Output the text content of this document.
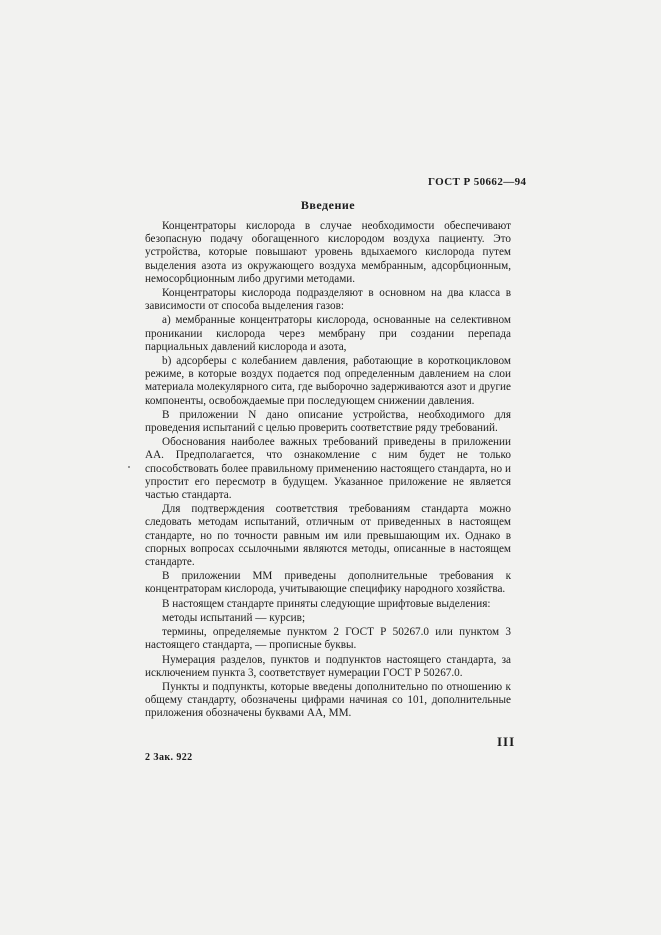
ГОСТ Р 50662—94
Введение

Концентраторы кислорода в случае необходимости обеспечивают безопасную подачу обогащенного кислородом воздуха пациенту. Это устройства, которые повышают уровень вдыхаемого кислорода путем выделения азота из окружающего воздуха мембранным, адсорбционным, немосорбционным либо другими методами.

Концентраторы кислорода подразделяют в основном на два класса в зависимости от способа выделения газов:

a) мембранные концентраторы кислорода, основанные на селективном проникании кислорода через мембрану при создании перепада парциальных давлений кислорода и азота,

b) адсорберы с колебанием давления, работающие в короткоцикловом режиме, в которые воздух подается под определенным давлением на слои материала молекулярного сита, где выборочно задерживаются азот и другие компоненты, освобождаемые при последующем снижении давления.

В приложении N дано описание устройства, необходимого для проведения испытаний с целью проверить соответствие ряду требований.

Обоснования наиболее важных требований приведены в приложении AA. Предполагается, что ознакомление с ним будет не только способствовать более правильному применению настоящего стандарта, но и упростит его пересмотр в будущем. Указанное приложение не является частью стандарта.

Для подтверждения соответствия требованиям стандарта можно следовать методам испытаний, отличным от приведенных в настоящем стандарте, но по точности равным им или превышающим их. Однако в спорных вопросах ссылочными являются методы, описанные в настоящем стандарте.

В приложении MM приведены дополнительные требования к концентраторам кислорода, учитывающие специфику народного хозяйства.

В настоящем стандарте приняты следующие шрифтовые выделения:

методы испытаний — курсив;

термины, определяемые пунктом 2 ГОСТ Р 50267.0 или пунктом 3 настоящего стандарта, — прописные буквы.

Нумерация разделов, пунктов и подпунктов настоящего стандарта, за исключением пункта 3, соответствует нумерации ГОСТ Р 50267.0.

Пункты и подпункты, которые введены дополнительно по отношению к общему стандарту, обозначены цифрами начиная со 101, дополнительные приложения обозначены буквами AA, MM.

III
2 Зак. 922
